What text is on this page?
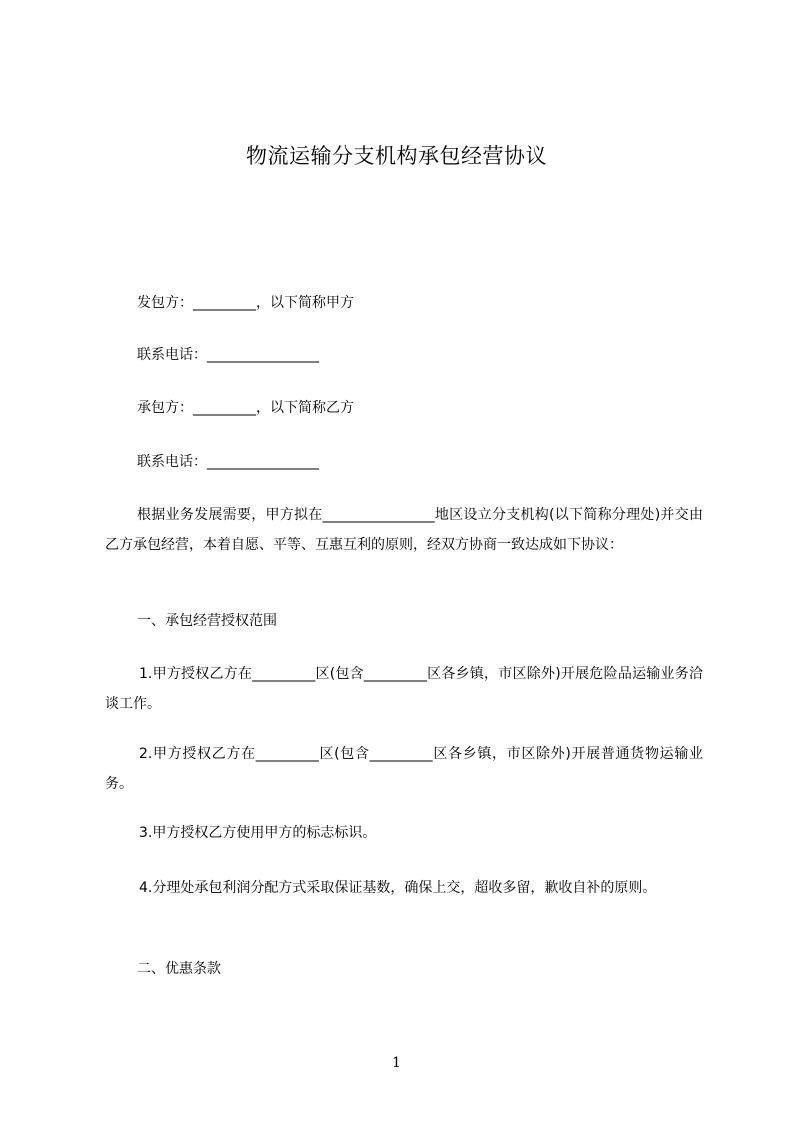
物流运输分支机构承包经营协议
发包方：_________，以下简称甲方
联系电话：________________
承包方：_________，以下简称乙方
联系电话：________________
根据业务发展需要，甲方拟在________________地区设立分支机构(以下简称分理处)并交由乙方承包经营，本着自愿、平等、互惠互利的原则，经双方协商一致达成如下协议：
一、承包经营授权范围
1.甲方授权乙方在_________区(包含_________区各乡镇，市区除外)开展危险品运输业务洽谈工作。
2.甲方授权乙方在_________区(包含_________区各乡镇，市区除外)开展普通货物运输业务。
3.甲方授权乙方使用甲方的标志标识。
4.分理处承包利润分配方式采取保证基数，确保上交，超收多留，歉收自补的原则。
二、优惠条款
1
